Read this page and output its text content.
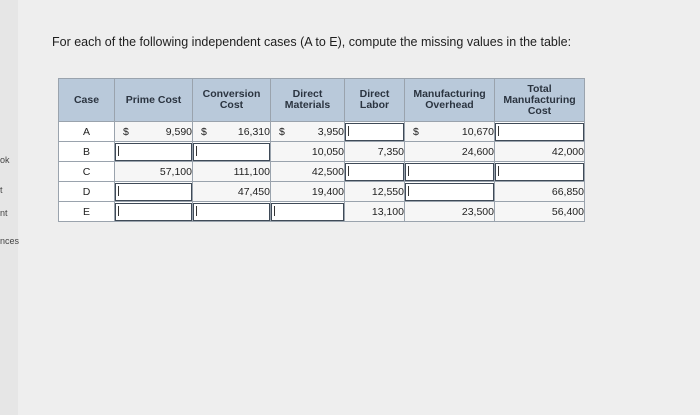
ok
t
nt
nces
For each of the following independent cases (A to E), compute the missing values in the table:
Case	Prime Cost	Conversion Cost	Direct Materials	Direct Labor	Manufacturing Overhead	Total Manufacturing Cost
A	$ 9,590	$ 16,310	$ 3,950		$ 10,670	

B			10,050	7,350	24,600	42,000
C	57,100	111,100	42,500	

D		47,450	19,400	12,550		66,850
E				13,100	23,500	56,400
